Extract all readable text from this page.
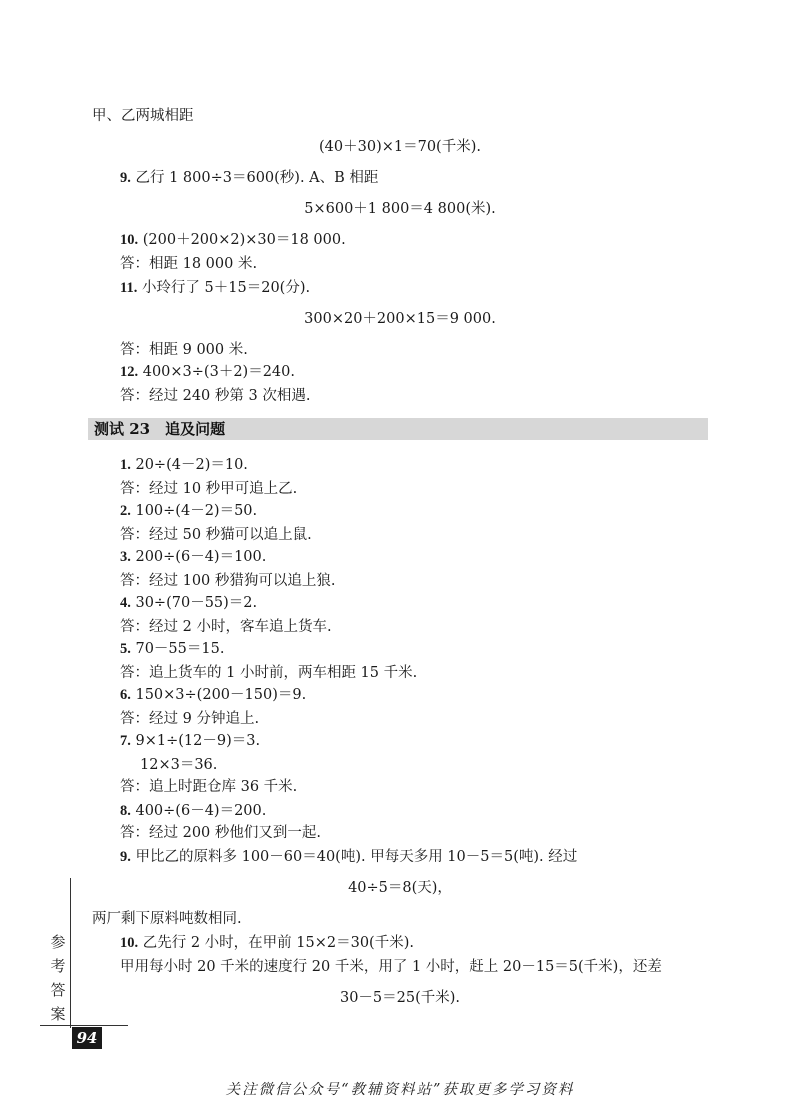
甲、乙两城相距
(40＋30)×1＝70(千米).
9. 乙行 1 800÷3＝600(秒). A、B 相距
5×600＋1 800＝4 800(米).
10. (200＋200×2)×30＝18 000.
答：相距 18 000 米.
11. 小玲行了 5＋15＝20(分).
300×20＋200×15＝9 000.
答：相距 9 000 米.
12. 400×3÷(3＋2)＝240.
答：经过 240 秒第 3 次相遇.
测试 23　追及问题
1. 20÷(4－2)＝10.
答：经过 10 秒甲可追上乙.
2. 100÷(4－2)＝50.
答：经过 50 秒猫可以追上鼠.
3. 200÷(6－4)＝100.
答：经过 100 秒猎狗可以追上狼.
4. 30÷(70－55)＝2.
答：经过 2 小时，客车追上货车.
5. 70－55＝15.
答：追上货车的 1 小时前，两车相距 15 千米.
6. 150×3÷(200－150)＝9.
答：经过 9 分钟追上.
7. 9×1÷(12－9)＝3.
12×3＝36.
答：追上时距仓库 36 千米.
8. 400÷(6－4)＝200.
答：经过 200 秒他们又到一起.
9. 甲比乙的原料多 100－60＝40(吨). 甲每天多用 10－5＝5(吨). 经过
40÷5＝8(天)，
两厂剩下原料吨数相同.
10. 乙先行 2 小时，在甲前 15×2＝30(千米).
甲用每小时 20 千米的速度行 20 千米，用了 1 小时，赶上 20－15＝5(千米)，还差
30－5＝25(千米).
参考答案
94
关注微信公众号“教辅资料站”获取更多学习资料
